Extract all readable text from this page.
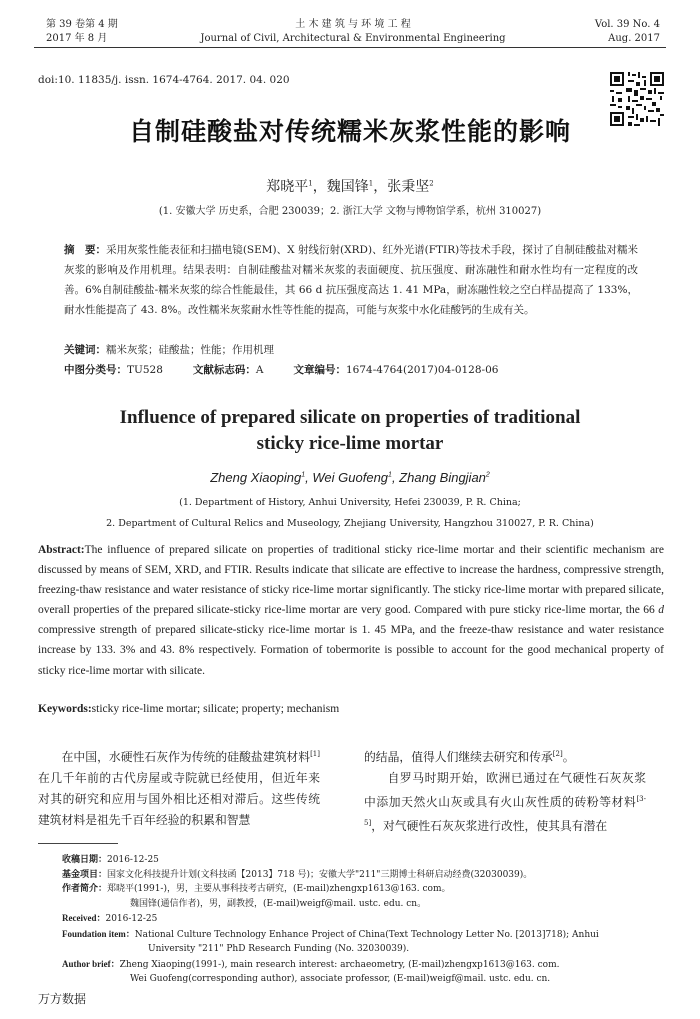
第 39 卷第 4 期
2017 年 8 月
土 木 建 筑 与 环 境 工 程
Journal of Civil, Architectural & Environmental Engineering
Vol. 39 No. 4
Aug. 2017
doi:10. 11835/j. issn. 1674-4764. 2017. 04. 020
自制硅酸盐对传统糯米灰浆性能的影响
郑晓平$^1$，魏国锋$^1$，张秉坚$^2$
(1. 安徽大学 历史系，合肥 230039；2. 浙江大学 文物与博物馆学系，杭州 310027)
摘　要：采用灰浆性能表征和扫描电镜(SEM)、X 射线衍射(XRD)、红外光谱(FTIR)等技术手段，探讨了自制硅酸盐对糯米灰浆的影响及作用机理。结果表明：自制硅酸盐对糯米灰浆的表面硬度、抗压强度、耐冻融性和耐水性均有一定程度的改善。6%自制硅酸盐-糯米灰浆的综合性能最佳，其 66 d 抗压强度高达 1. 41 MPa，耐冻融性较之空白样品提高了 133%，耐水性能提高了 43. 8%。改性糯米灰浆耐水性等性能的提高，可能与灰浆中水化硅酸钙的生成有关。
关键词：糯米灰浆；硅酸盐；性能；作用机理
中图分类号：TU528	文献标志码：A	文章编号：1674-4764(2017)04-0128-06
Influence of prepared silicate on properties of traditional
sticky rice-lime mortar
Zheng Xiaoping$^1$, Wei Guofeng$^1$, Zhang Bingjian$^2$
(1. Department of History, Anhui University, Hefei 230039, P. R. China;
2. Department of Cultural Relics and Museology, Zhejiang University, Hangzhou 310027, P. R. China)
Abstract:The influence of prepared silicate on properties of traditional sticky rice-lime mortar and their scientific mechanism are discussed by means of SEM, XRD, and FTIR. Results indicate that silicate are effective to increase the hardness, compressive strength, freezing-thaw resistance and water resistance of sticky rice-lime mortar significantly. The sticky rice-lime mortar with prepared silicate, overall properties of the prepared silicate-sticky rice-lime mortar are very good. Compared with pure sticky rice-lime mortar, the 66 d compressive strength of prepared silicate-sticky rice-lime mortar is 1. 45 MPa, and the freeze-thaw resistance and water resistance increase by 133. 3% and 43. 8% respectively. Formation of tobermorite is possible to account for the good mechanical property of sticky rice-lime mortar with silicate.
Keywords:sticky rice-lime mortar; silicate; property; mechanism

在中国，水硬性石灰作为传统的硅酸盐建筑材料[1]在几千年前的古代房屋或寺院就已经使用，但近年来对其的研究和应用与国外相比还相对滞后。这些传统建筑材料是祖先千百年经验的积累和智慧

的结晶，值得人们继续去研究和传承[2]。

自罗马时期开始，欧洲已通过在气硬性石灰灰浆中添加天然火山灰或具有火山灰性质的砖粉等材料[3-5]，对气硬性石灰灰浆进行改性，使其具有潜在

收稿日期：2016-12-25
基金项目：国家文化科技提升计划(文科技函【2013】718 号)；安徽大学"211"三期博士科研启动经费(32030039)。
作者简介：郑晓平(1991-)，男，主要从事科技考古研究，(E-mail)zhengxp1613@163. com。
魏国锋(通信作者)，男，副教授，(E-mail)weigf@mail. ustc. edu. cn。
Received：2016-12-25
Foundation item：National Culture Technology Enhance Project of China(Text Technology Letter No. [2013]718); Anhui
University "211" PhD Research Funding (No. 32030039).
Author brief：Zheng Xiaoping(1991-), main research interest: archaeometry, (E-mail)zhengxp1613@163. com.
Wei Guofeng(corresponding author), associate professor, (E-mail)weigf@mail. ustc. edu. cn.
万方数据
